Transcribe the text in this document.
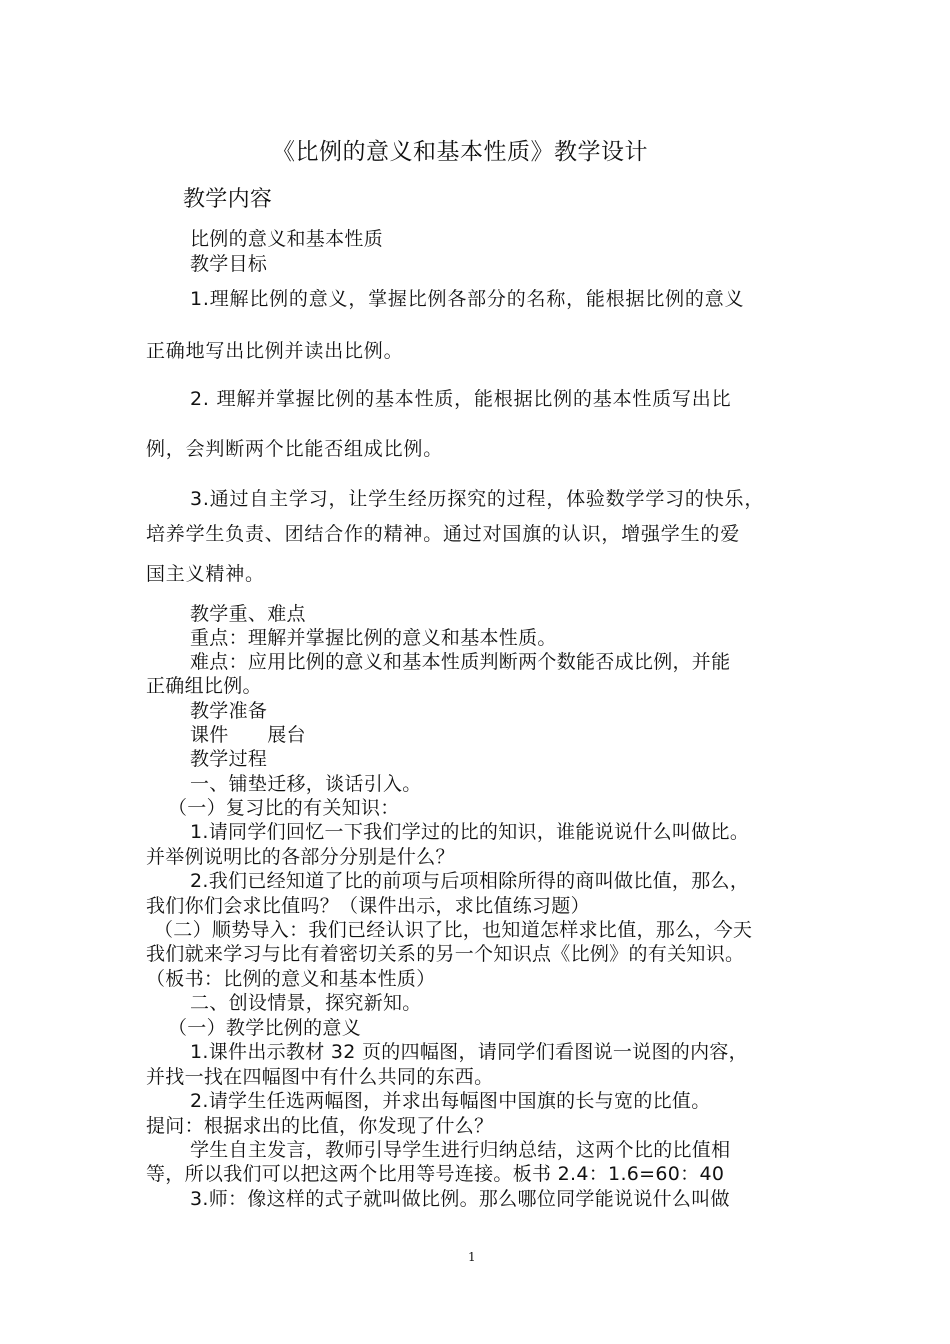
《比例的意义和基本性质》教学设计
教学内容
比例的意义和基本性质
教学目标
1.理解比例的意义，掌握比例各部分的名称，能根据比例的意义
正确地写出比例并读出比例。
2. 理解并掌握比例的基本性质，能根据比例的基本性质写出比
例，会判断两个比能否组成比例。
3.通过自主学习，让学生经历探究的过程，体验数学学习的快乐，
培养学生负责、团结合作的精神。通过对国旗的认识，增强学生的爱
国主义精神。
教学重、难点
重点：理解并掌握比例的意义和基本性质。
难点：应用比例的意义和基本性质判断两个数能否成比例，并能
正确组比例。
教学准备
课件　　展台
教学过程
一、铺垫迁移，谈话引入。
（一）复习比的有关知识：
1.请同学们回忆一下我们学过的比的知识，谁能说说什么叫做比。
并举例说明比的各部分分别是什么？
2.我们已经知道了比的前项与后项相除所得的商叫做比值，那么，
我们你们会求比值吗？（课件出示，求比值练习题）
（二）顺势导入：我们已经认识了比，也知道怎样求比值，那么，今天
我们就来学习与比有着密切关系的另一个知识点《比例》的有关知识。
（板书：比例的意义和基本性质）
二、创设情景，探究新知。
（一）教学比例的意义
1.课件出示教材 32 页的四幅图，请同学们看图说一说图的内容，
并找一找在四幅图中有什么共同的东西。
2.请学生任选两幅图，并求出每幅图中国旗的长与宽的比值。
提问：根据求出的比值，你发现了什么？
学生自主发言，教师引导学生进行归纳总结，这两个比的比值相
等，所以我们可以把这两个比用等号连接。板书 2.4：1.6=60：40
3.师：像这样的式子就叫做比例。那么哪位同学能说说什么叫做
1
